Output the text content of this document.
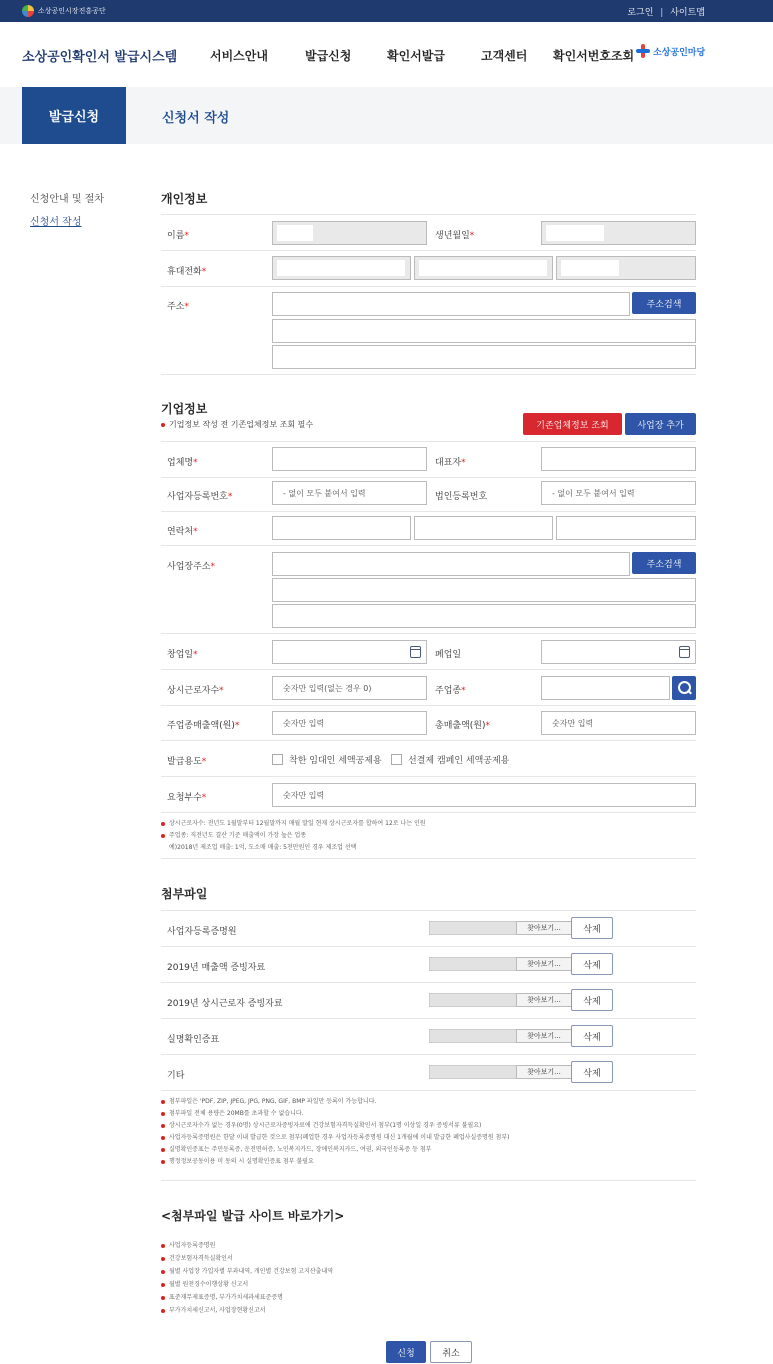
소상공인시장진흥공단	로그인 | 사이트맵
소상공인확인서 발급시스템	서비스안내	발급신청	확인서발급	고객센터 확인서번호조회 소상공인마당
발급신청	신청서 작성
신청안내 및 절차
신청서 작성
개인정보
이름*	생년월일*
휴대전화*
주소*	주소검색
기업정보
기업정보 작성 전 기존업체정보 조회 필수	기존업체정보 조회	사업장 추가
업체명*	대표자*
사업자등록번호*	- 없이 모두 붙여서 입력	법인등록번호	- 없이 모두 붙여서 입력
연락처*
사업장주소*	주소검색
창업일*	폐업일
상시근로자수*	숫자만 입력(없는 경우 0)	주업종*
주업종매출액(원)*	숫자만 입력	총매출액(원)*	숫자만 입력
발급용도*	착한 임대인 세액공제용	선결제 캠페인 세액공제용
요청부수*	숫자만 입력
상시근로자수: 전년도 1월말부터 12월말까지 매월 말일 현재 상시근로자를 합하여 12로 나는 인원
주업종: 직전년도 결산 기준 매출액이 가장 높은 업종
예)2018년 제조업 매출: 1억, 도소매 매출: 5천만원인 경우 제조업 선택
첨부파일
사업자등록증명원	찾아보기...	삭제
2019년 매출액 증빙자료	찾아보기...	삭제
2019년 상시근로자 증빙자료	찾아보기...	삭제
실명확인증표	찾아보기...	삭제
기타	찾아보기...	삭제
첨부파일은 'PDF, ZIP, JPEG, JPG, PNG, GIF, BMP 파일만 등록이 가능합니다.
첨부파일 전체 용량은 20MB를 초과할 수 없습니다.
상시근로자수가 없는 경우(0명) 상시근로자증빙자료에 건강보험자격득실확인서 첨부(1명 이상일 경우 증빙서류 불필요)
사업자등록증명원은 한달 이내 발급한 것으로 첨부(폐업한 경우 사업자등록증명원 대신 1개월에 이내 발급한 폐업사실증명원 첨부)
실명확인증표는 주민등록증, 운전면허증, 노인복지카드, 장애인복지카드, 여권, 외국인등록증 등 첨부
행정정보공동이용 미 동의 시 실명확인증표 첨부 불필요
<첨부파일 발급 사이트 바로가기>
사업자등록증명원
건강보험자격득실확인서
월별 사업장 가입자별 부과내역, 개인별 건강보험 고지산출내역
월별 원천징수이행상황 신고서
표준재무제표증명, 부가가치세과세표준증명
부가가치세신고서, 사업장현황신고서
신청	취소
